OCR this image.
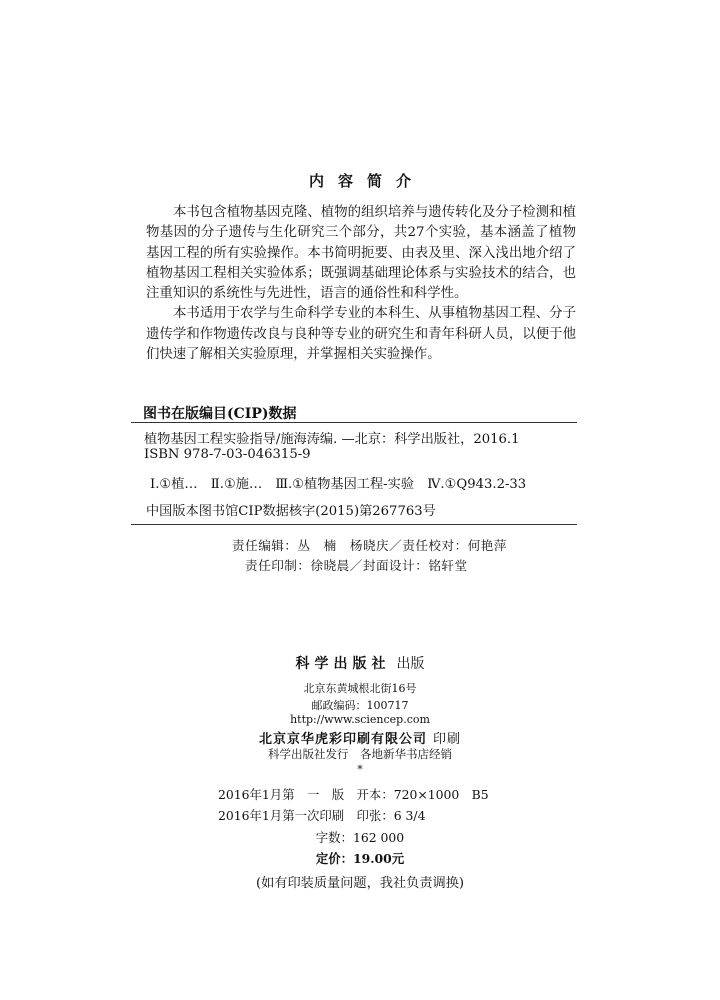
内容简介

本书包含植物基因克隆、植物的组织培养与遗传转化及分子检测和植物基因的分子遗传与生化研究三个部分，共27个实验，基本涵盖了植物基因工程的所有实验操作。本书简明扼要、由表及里、深入浅出地介绍了植物基因工程相关实验体系；既强调基础理论体系与实验技术的结合，也注重知识的系统性与先进性，语言的通俗性和科学性。

本书适用于农学与生命科学专业的本科生、从事植物基因工程、分子遗传学和作物遗传改良与良种等专业的研究生和青年科研人员，以便于他们快速了解相关实验原理，并掌握相关实验操作。

图书在版编目(CIP)数据
植物基因工程实验指导/施海涛编. —北京：科学出版社，2016.1
ISBN 978-7-03-046315-9
Ⅰ.①植…　Ⅱ.①施…　Ⅲ.①植物基因工程-实验　Ⅳ.①Q943.2-33
中国版本图书馆CIP数据核字(2015)第267763号
责任编辑：丛　楠　杨晓庆／责任校对：何艳萍
责任印制：徐晓晨／封面设计：铭轩堂
科学出版社 出版
北京东黄城根北街16号
邮政编码：100717
http://www.sciencep.com
北京京华虎彩印刷有限公司 印刷
科学出版社发行　各地新华书店经销
*
2016年1月第　一　版　开本：720×1000　B5
2016年1月第一次印刷　印张：6 3/4
字数：162 000
定价：19.00元
(如有印装质量问题，我社负责调换)
